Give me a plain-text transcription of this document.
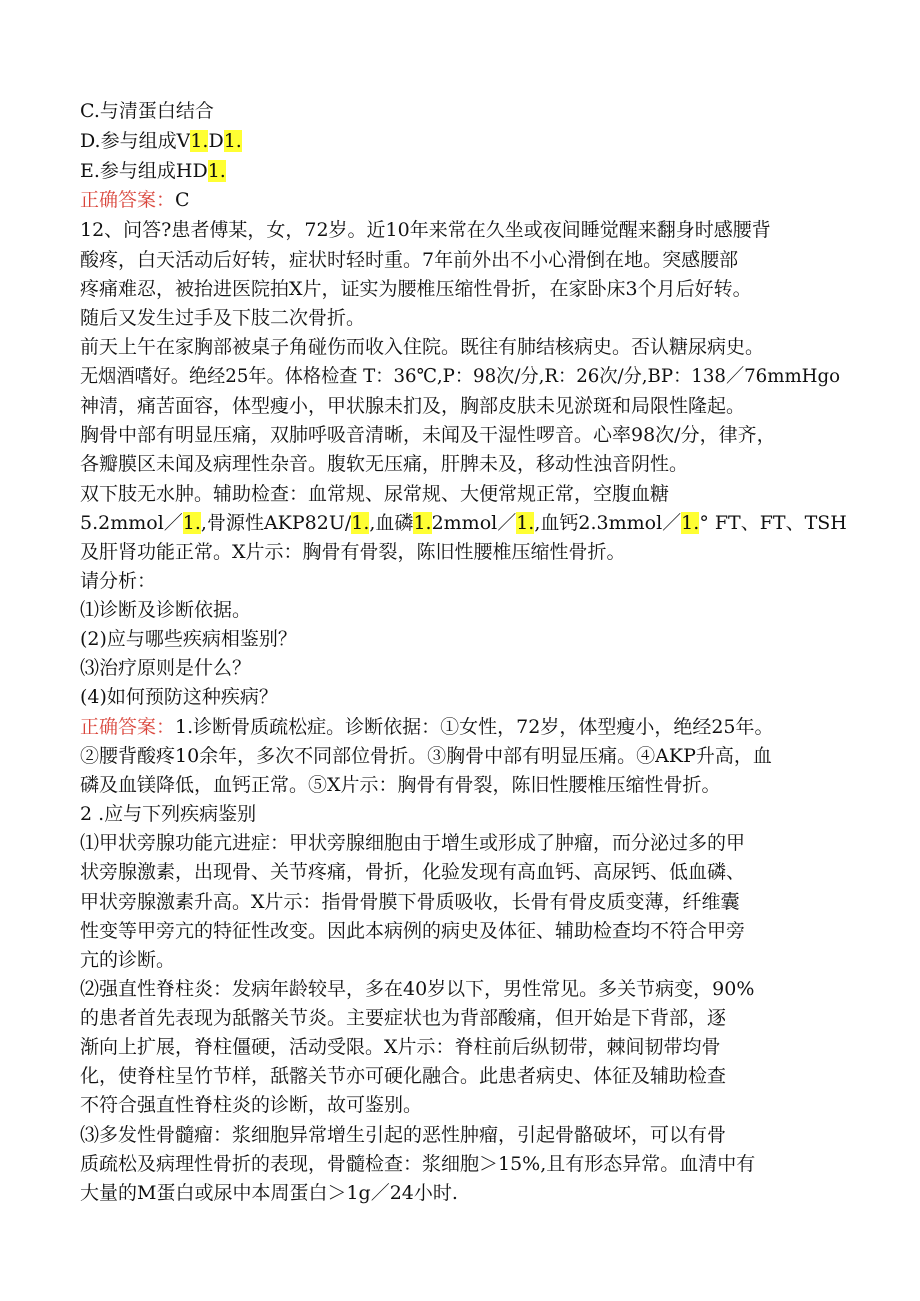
C.与清蛋白结合
D.参与组成V1.D1.
E.参与组成HD1.
正确答案：C
12、问答?患者傅某，女，72岁。近10年来常在久坐或夜间睡觉醒来翻身时感腰背
酸疼，白天活动后好转，症状时轻时重。7年前外出不小心滑倒在地。突感腰部
疼痛难忍，被抬进医院拍X片，证实为腰椎压缩性骨折，在家卧床3个月后好转。
随后又发生过手及下肢二次骨折。
前天上午在家胸部被桌子角碰伤而收入住院。既往有肺结核病史。否认糖尿病史。
无烟酒嗜好。绝经25年。体格检查 T：36℃,P：98次/分,R：26次/分,BP：138／76mmHgo
神清，痛苦面容，体型瘦小，甲状腺未扪及，胸部皮肤未见淤斑和局限性隆起。
胸骨中部有明显压痛，双肺呼吸音清晰，未闻及干湿性啰音。心率98次/分，律齐，
各瓣膜区未闻及病理性杂音。腹软无压痛，肝脾未及，移动性浊音阴性。
双下肢无水肿。辅助检查：血常规、尿常规、大便常规正常，空腹血糖
5.2mmol／1.,骨源性AKP82U/1.,血磷1.2mmol／1.,血钙2.3mmol／1.° FT、FT、TSH
及肝肾功能正常。X片示：胸骨有骨裂，陈旧性腰椎压缩性骨折。
请分析：
⑴诊断及诊断依据。
(2)应与哪些疾病相鉴别？
⑶治疗原则是什么？
(4)如何预防这种疾病？
正确答案：1.诊断骨质疏松症。诊断依据：①女性，72岁，体型瘦小，绝经25年。
②腰背酸疼10余年，多次不同部位骨折。③胸骨中部有明显压痛。④AKP升高，血
磷及血镁降低，血钙正常。⑤X片示：胸骨有骨裂，陈旧性腰椎压缩性骨折。
2 .应与下列疾病鉴别
⑴甲状旁腺功能亢进症：甲状旁腺细胞由于增生或形成了肿瘤，而分泌过多的甲
状旁腺激素，出现骨、关节疼痛，骨折，化验发现有高血钙、高尿钙、低血磷、
甲状旁腺激素升高。X片示：指骨骨膜下骨质吸收，长骨有骨皮质变薄，纤维囊
性变等甲旁亢的特征性改变。因此本病例的病史及体征、辅助检查均不符合甲旁
亢的诊断。
⑵强直性脊柱炎：发病年龄较早，多在40岁以下，男性常见。多关节病变，90%
的患者首先表现为舐髂关节炎。主要症状也为背部酸痛，但开始是下背部，逐
渐向上扩展，脊柱僵硬，活动受限。X片示：脊柱前后纵韧带，棘间韧带均骨
化，使脊柱呈竹节样，舐髂关节亦可硬化融合。此患者病史、体征及辅助检查
不符合强直性脊柱炎的诊断，故可鉴别。
⑶多发性骨髓瘤：浆细胞异常增生引起的恶性肿瘤，引起骨骼破坏，可以有骨
质疏松及病理性骨折的表现，骨髓检查：浆细胞＞15%,且有形态异常。血清中有
大量的M蛋白或尿中本周蛋白＞1g／24小时.
